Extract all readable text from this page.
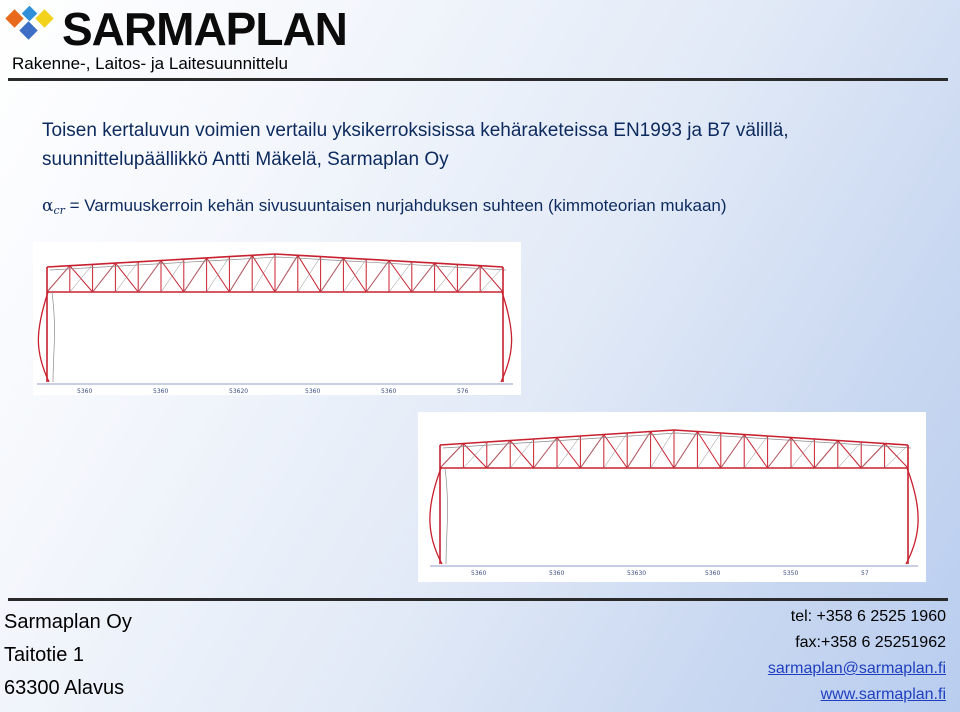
SARMAPLAN
Rakenne-, Laitos- ja Laitesuunnittelu
Toisen kertaluvun voimien vertailu yksikerroksisissa kehäraketeissa EN1993 ja B7 välillä,
suunnittelupäällikkö Antti Mäkelä, Sarmaplan Oy
αcr = Varmuuskerroin kehän sivusuuntaisen nurjahduksen suhteen (kimmoteorian mukaan)
5360	5360	53620	5360	5360	576
5360	5360	53630	5360	5350	57
Sarmaplan Oy
Taitotie 1
63300 Alavus
tel: +358 6 2525 1960
fax:+358 6 25251962
sarmaplan@sarmaplan.fi
www.sarmaplan.fi
